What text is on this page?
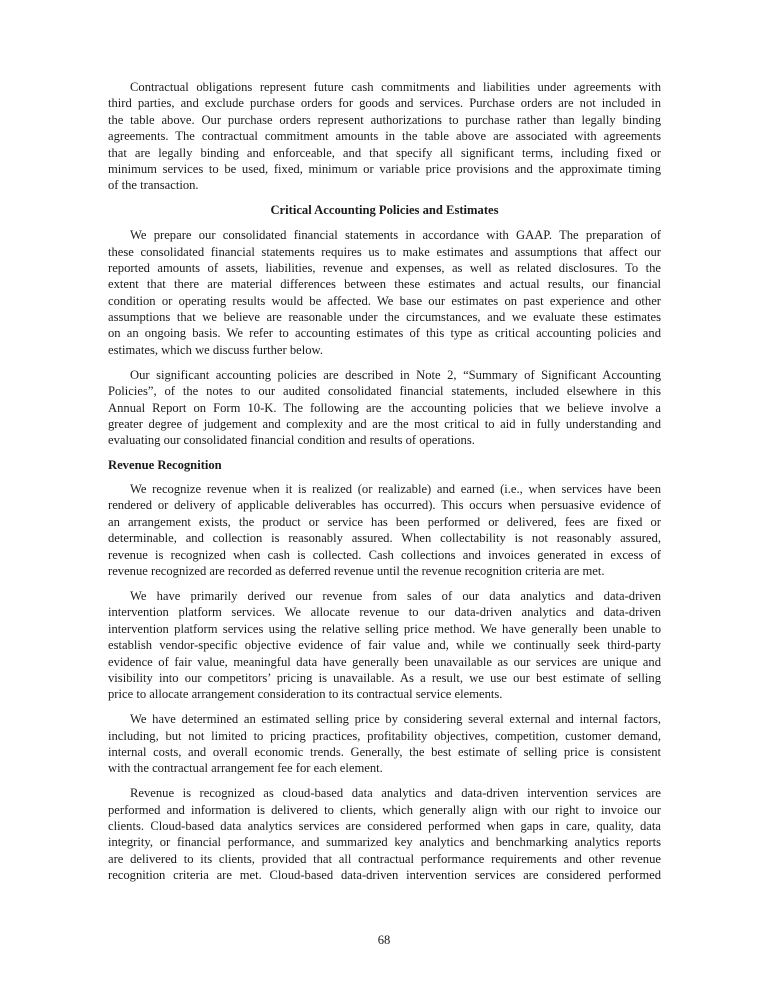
Contractual obligations represent future cash commitments and liabilities under agreements with
third parties, and exclude purchase orders for goods and services. Purchase orders are not included in
the table above. Our purchase orders represent authorizations to purchase rather than legally binding
agreements. The contractual commitment amounts in the table above are associated with agreements
that are legally binding and enforceable, and that specify all significant terms, including fixed or
minimum services to be used, fixed, minimum or variable price provisions and the approximate timing
of the transaction.
Critical Accounting Policies and Estimates
We prepare our consolidated financial statements in accordance with GAAP. The preparation of
these consolidated financial statements requires us to make estimates and assumptions that affect our
reported amounts of assets, liabilities, revenue and expenses, as well as related disclosures. To the
extent that there are material differences between these estimates and actual results, our financial
condition or operating results would be affected. We base our estimates on past experience and other
assumptions that we believe are reasonable under the circumstances, and we evaluate these estimates
on an ongoing basis. We refer to accounting estimates of this type as critical accounting policies and
estimates, which we discuss further below.
Our significant accounting policies are described in Note 2, “Summary of Significant Accounting
Policies”, of the notes to our audited consolidated financial statements, included elsewhere in this
Annual Report on Form 10-K. The following are the accounting policies that we believe involve a
greater degree of judgement and complexity and are the most critical to aid in fully understanding and
evaluating our consolidated financial condition and results of operations.
Revenue Recognition
We recognize revenue when it is realized (or realizable) and earned (i.e., when services have been
rendered or delivery of applicable deliverables has occurred). This occurs when persuasive evidence of
an arrangement exists, the product or service has been performed or delivered, fees are fixed or
determinable, and collection is reasonably assured. When collectability is not reasonably assured,
revenue is recognized when cash is collected. Cash collections and invoices generated in excess of
revenue recognized are recorded as deferred revenue until the revenue recognition criteria are met.
We have primarily derived our revenue from sales of our data analytics and data-driven
intervention platform services. We allocate revenue to our data-driven analytics and data-driven
intervention platform services using the relative selling price method. We have generally been unable to
establish vendor-specific objective evidence of fair value and, while we continually seek third-party
evidence of fair value, meaningful data have generally been unavailable as our services are unique and
visibility into our competitors’ pricing is unavailable. As a result, we use our best estimate of selling
price to allocate arrangement consideration to its contractual service elements.
We have determined an estimated selling price by considering several external and internal factors,
including, but not limited to pricing practices, profitability objectives, competition, customer demand,
internal costs, and overall economic trends. Generally, the best estimate of selling price is consistent
with the contractual arrangement fee for each element.
Revenue is recognized as cloud-based data analytics and data-driven intervention services are
performed and information is delivered to clients, which generally align with our right to invoice our
clients. Cloud-based data analytics services are considered performed when gaps in care, quality, data
integrity, or financial performance, and summarized key analytics and benchmarking analytics reports
are delivered to its clients, provided that all contractual performance requirements and other revenue
recognition criteria are met. Cloud-based data-driven intervention services are considered performed
68
